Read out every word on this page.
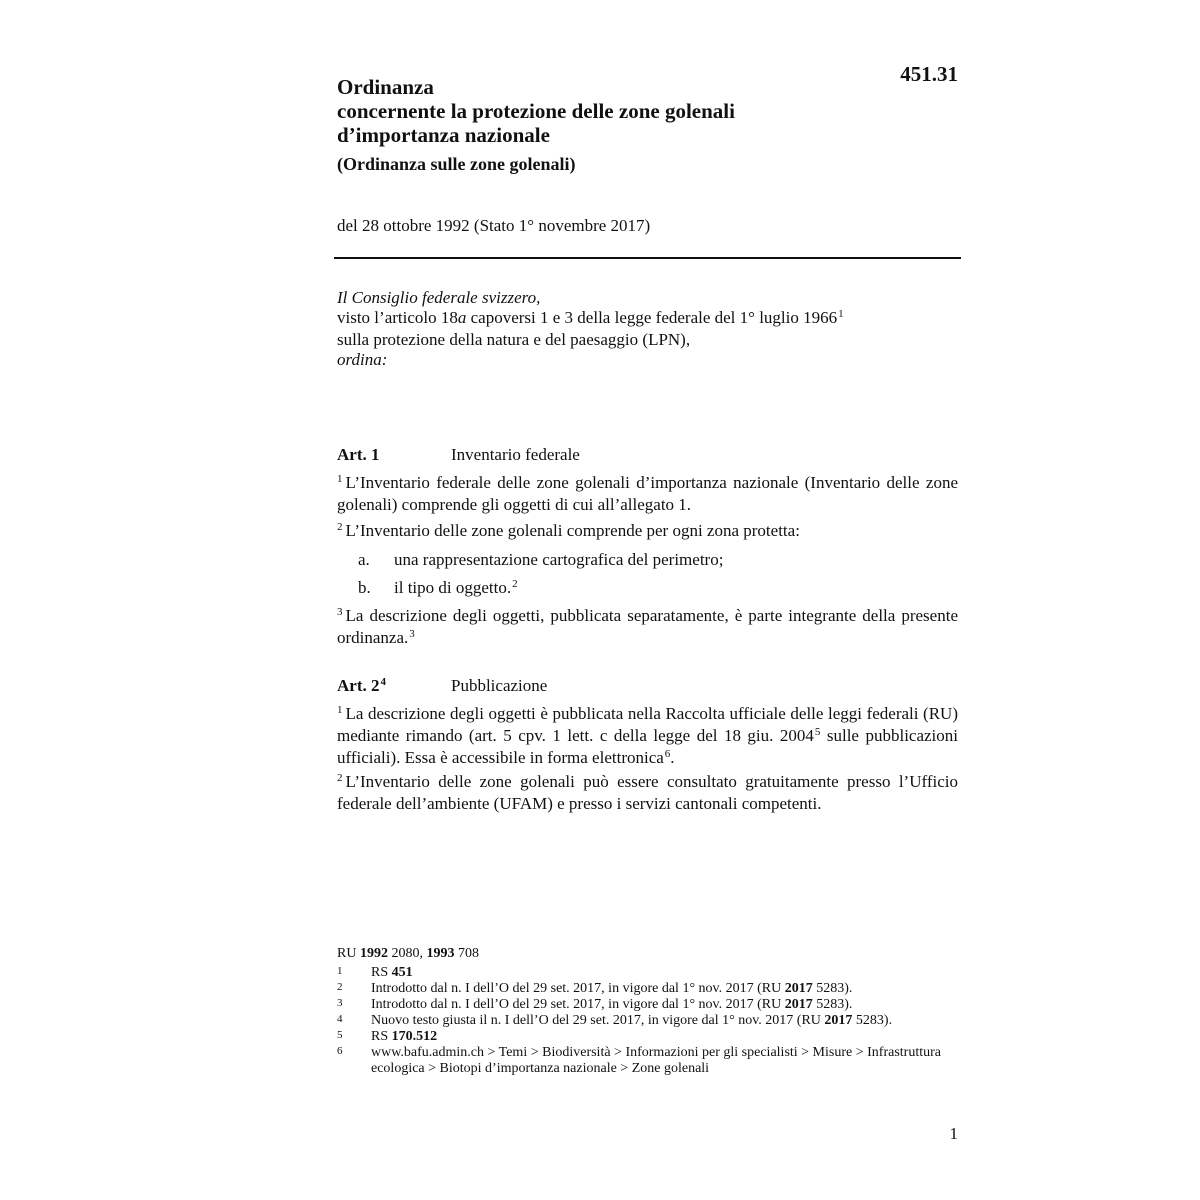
451.31
Ordinanza
concernente la protezione delle zone golenali
d’importanza nazionale
(Ordinanza sulle zone golenali)
del 28 ottobre 1992 (Stato 1° novembre 2017)
Il Consiglio federale svizzero,
visto l’articolo 18a capoversi 1 e 3 della legge federale del 1° luglio 1966$^1$
sulla protezione della natura e del paesaggio (LPN),
ordina:
Art. 1	Inventario federale
$^1$ L’Inventario federale delle zone golenali d’importanza nazionale (Inventario delle zone golenali) comprende gli oggetti di cui all’allegato 1.
$^2$ L’Inventario delle zone golenali comprende per ogni zona protetta:
a. una rappresentazione cartografica del perimetro;
b. il tipo di oggetto.$^2$
$^3$ La descrizione degli oggetti, pubblicata separatamente, è parte integrante della presente ordinanza.$^3$
Art. $2^4$	Pubblicazione
$^1$ La descrizione degli oggetti è pubblicata nella Raccolta ufficiale delle leggi federali (RU) mediante rimando (art. 5 cpv. 1 lett. c della legge del 18 giu. 2004$^5$ sulle pubblicazioni ufficiali). Essa è accessibile in forma elettronica$^6$.
$^2$ L’Inventario delle zone golenali può essere consultato gratuitamente presso l’Ufficio federale dell’ambiente (UFAM) e presso i servizi cantonali competenti.
RU 1992 2080, 1993 708
1	RS 451
2	Introdotto dal n. I dell’O del 29 set. 2017, in vigore dal 1° nov. 2017 (RU 2017 5283).
3	Introdotto dal n. I dell’O del 29 set. 2017, in vigore dal 1° nov. 2017 (RU 2017 5283).
4	Nuovo testo giusta il n. I dell’O del 29 set. 2017, in vigore dal 1° nov. 2017 (RU 2017 5283).
5	RS 170.512
6	www.bafu.admin.ch > Temi > Biodiversità > Informazioni per gli specialisti > Misure > Infrastruttura ecologica > Biotopi d’importanza nazionale > Zone golenali
1
